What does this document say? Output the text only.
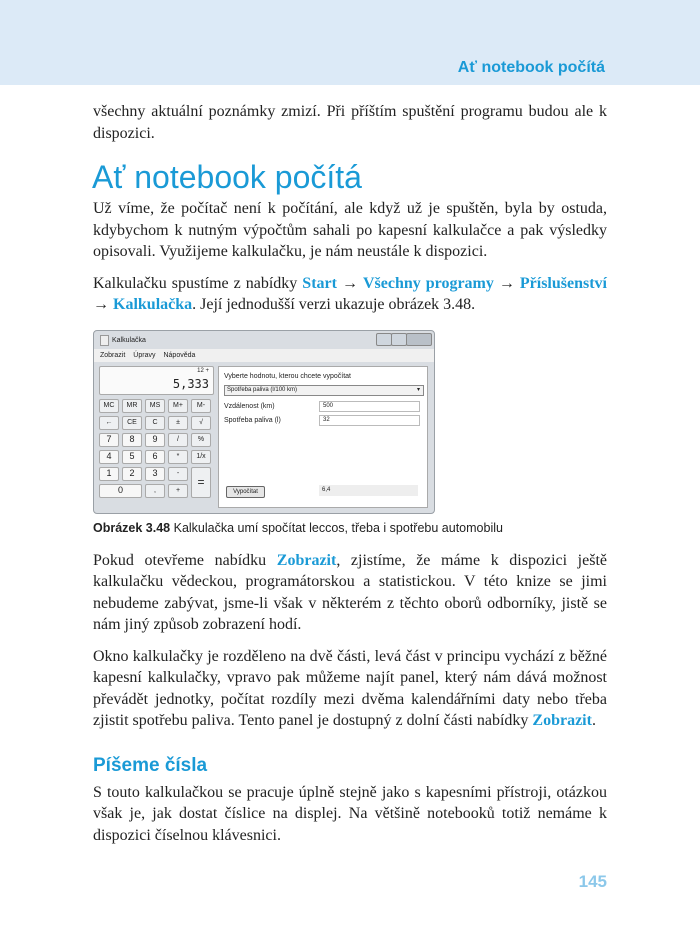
Ať notebook počítá

všechny aktuální poznámky zmizí. Při příštím spuštění programu budou ale k dispozici.

Ať notebook počítá

Už víme, že počítač není k počítání, ale když už je spuštěn, byla by ostuda, kdybychom k nutným výpočtům sahali po kapesní kalkulačce a pak výsledky opisovali. Využijeme kalkulačku, je nám neustále k dispozici.

Kalkulačku spustíme z nabídky Start → Všechny programy → Příslušenství → Kalkulačka. Její jednodušší verzi ukazuje obrázek 3.48.

Kalkulačka
Zobrazit Úpravy Nápověda
12 +
5,333
MC	MR	MS	M+	M-
←	CE	C	±	√
7	8	9	/	%
4	5	6	*	1/x
1	2	3	-
=
0	,	+
Vyberte hodnotu, kterou chcete vypočítat
Spotřeba paliva (l/100 km)	▾
Vzdálenost (km)	500
Spotřeba paliva (l)	32
Vypočítat	6,4
Obrázek 3.48 Kalkulačka umí spočítat leccos, třeba i spotřebu automobilu

Pokud otevřeme nabídku Zobrazit, zjistíme, že máme k dispozici ještě kalkulačku vědeckou, programátorskou a statistickou. V této knize se jimi nebudeme zabývat, jsme-li však v některém z těchto oborů odborníky, jistě se nám jiný způsob zobrazení hodí.

Okno kalkulačky je rozděleno na dvě části, levá část v principu vychází z běžné kapesní kalkulačky, vpravo pak můžeme najít panel, který nám dává možnost převádět jednotky, počítat rozdíly mezi dvěma kalendářními daty nebo třeba zjistit spotřebu paliva. Tento panel je dostupný z dolní části nabídky Zobrazit.

Píšeme čísla

S touto kalkulačkou se pracuje úplně stejně jako s kapesními přístroji, otázkou však je, jak dostat číslice na displej. Na většině notebooků totiž nemáme k dispozici číselnou klávesnici.

145
